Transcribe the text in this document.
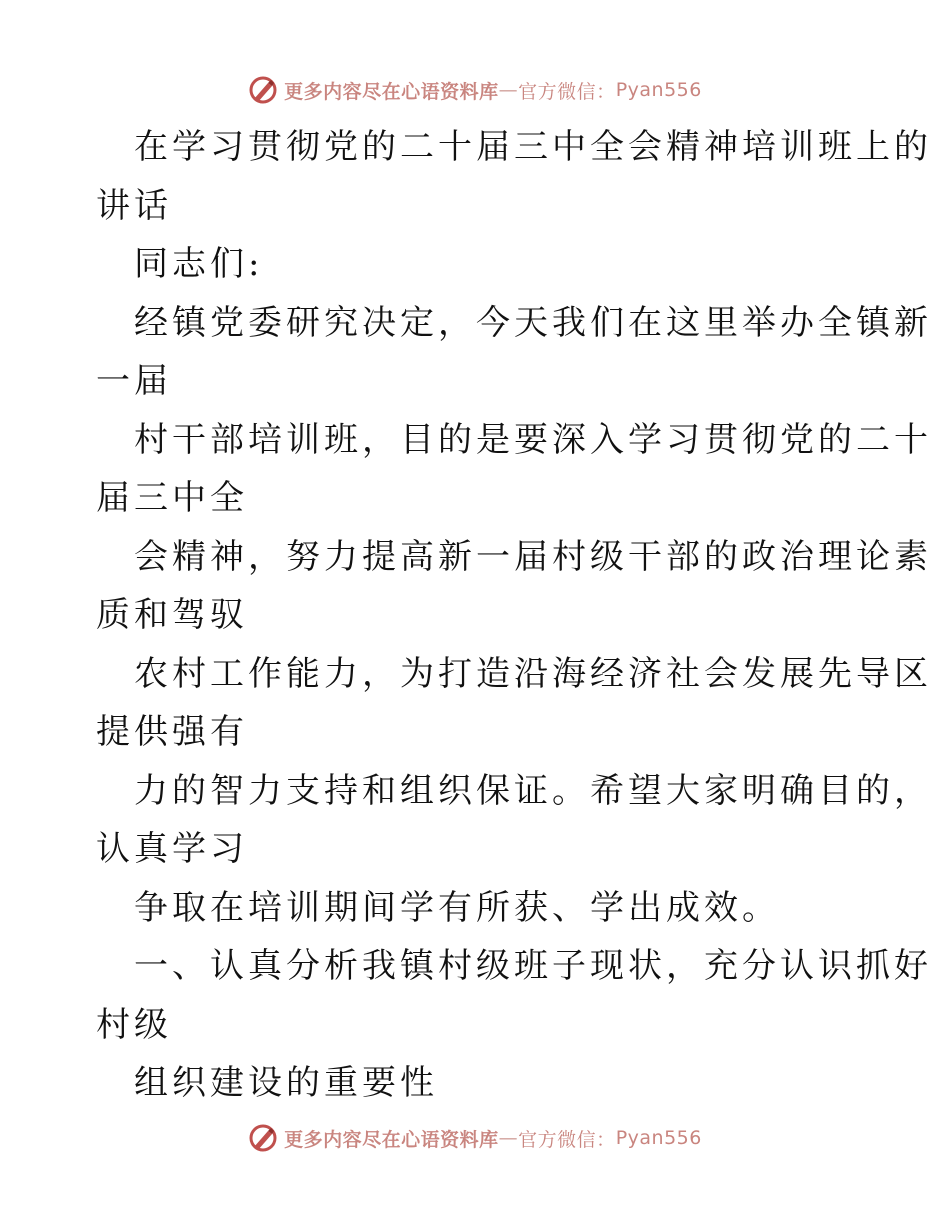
更多内容尽在心语资料库 — 官方微信： Pyan556
在学习贯彻党的二十届三中全会精神培训班上的
讲话
同志们:
经镇党委研究决定，今天我们在这里举办全镇新
一届
村干部培训班，目的是要深入学习贯彻党的二十
届三中全
会精神，努力提高新一届村级干部的政治理论素
质和驾驭
农村工作能力，为打造沿海经济社会发展先导区
提供强有
力的智力支持和组织保证。希望大家明确目的，
认真学习
争取在培训期间学有所获、学出成效。
一、认真分析我镇村级班子现状，充分认识抓好
村级
组织建设的重要性
更多内容尽在心语资料库 — 官方微信： Pyan556
